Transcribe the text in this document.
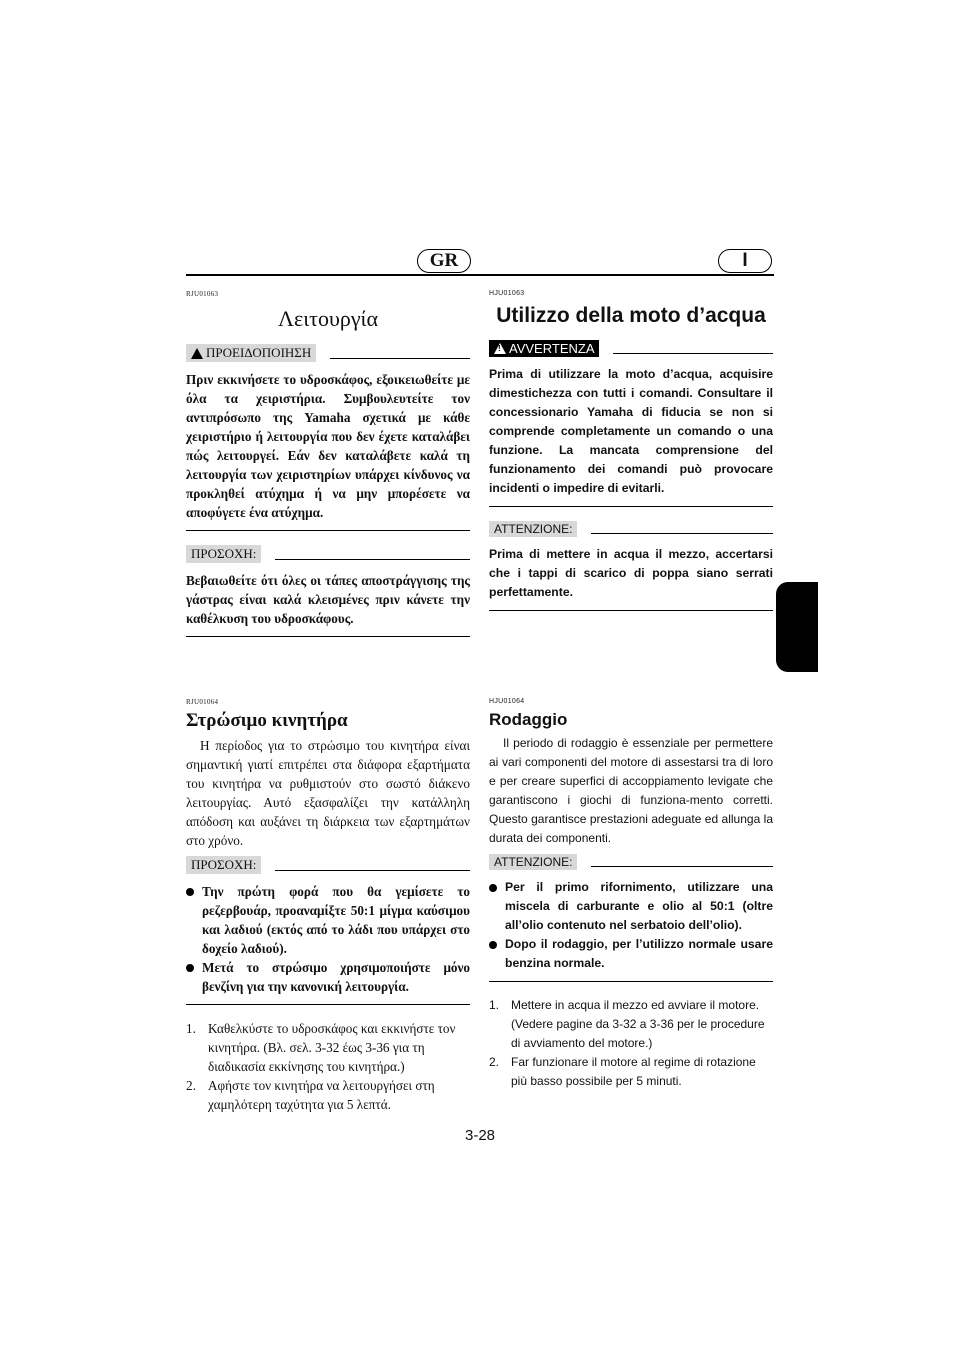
GR	I

RJU01063

Λειτουργία
!
ΠΡΟΕΙΔΟΠΟΙΗΣΗ

Πριν εκκινήσετε το υδροσκάφος, εξοικειωθείτε με όλα τα χειριστήρια. Συμβουλευτείτε τον αντιπρόσωπο της Yamaha σχετικά με κάθε χειριστήριο ή λειτουργία που δεν έχετε καταλάβει πώς λειτουργεί. Εάν δεν καταλάβετε καλά τη λειτουργία των χειριστηρίων υπάρχει κίνδυνος να προκληθεί ατύχημα ή να μην μπορέσετε να αποφύγετε ένα ατύχημα.

ΠΡΟΣΟΧΗ:

Βεβαιωθείτε ότι όλες οι τάπες αποστράγγισης της γάστρας είναι καλά κλεισμένες πριν κάνετε την καθέλκυση του υδροσκάφους.

RJU01064

Στρώσιμο κινητήρα

Η περίοδος για το στρώσιμο του κινητήρα είναι σημαντική γιατί επιτρέπει στα διάφορα εξαρτήματα του κινητήρα να ρυθμιστούν στο σωστό διάκενο λειτουργίας. Αυτό εξασφαλίζει την κατάλληλη απόδοση και αυξάνει τη διάρκεια των εξαρτημάτων στο χρόνο.

ΠΡΟΣΟΧΗ:
Την πρώτη φορά που θα γεμίσετε το ρεζερβουάρ, προαναμίξτε 50:1 μίγμα καύσιμου και λαδιού (εκτός από το λάδι που υπάρχει στο δοχείο λαδιού).
Μετά το στρώσιμο χρησιμοποιήστε μόνο βενζίνη για την κανονική λειτουργία.
1. Καθελκύστε το υδροσκάφος και εκκινήστε τον κινητήρα. (Βλ. σελ. 3-32 έως 3-36 για τη διαδικασία εκκίνησης του κινητήρα.)
2. Αφήστε τον κινητήρα να λειτουργήσει στη χαμηλότερη ταχύτητα για 5 λεπτά.

HJU01063

Utilizzo della moto d’acqua
!
AVVERTENZA

Prima di utilizzare la moto d’acqua, acquisire dimestichezza con tutti i comandi. Consultare il concessionario Yamaha di fiducia se non si comprende completamente un comando o una funzione. La mancata comprensione del funzionamento dei comandi può provocare incidenti o impedire di evitarli.

ATTENZIONE:

Prima di mettere in acqua il mezzo, accertarsi che i tappi di scarico di poppa siano serrati perfettamente.

HJU01064

Rodaggio

Il periodo di rodaggio è essenziale per permettere ai vari componenti del motore di assestarsi tra di loro e per creare superfici di accoppiamento levigate che garantiscono i giochi di funziona-mento corretti. Questo garantisce prestazioni adeguate ed allunga la durata dei componenti.

ATTENZIONE:
Per il primo rifornimento, utilizzare una miscela di carburante e olio al 50:1 (oltre all’olio contenuto nel serbatoio dell’olio).
Dopo il rodaggio, per l’utilizzo normale usare benzina normale.
1. Mettere in acqua il mezzo ed avviare il motore. (Vedere pagine da 3-32 a 3-36 per le procedure di avviamento del motore.)
2. Far funzionare il motore al regime di rotazione più basso possibile per 5 minuti.
3-28
